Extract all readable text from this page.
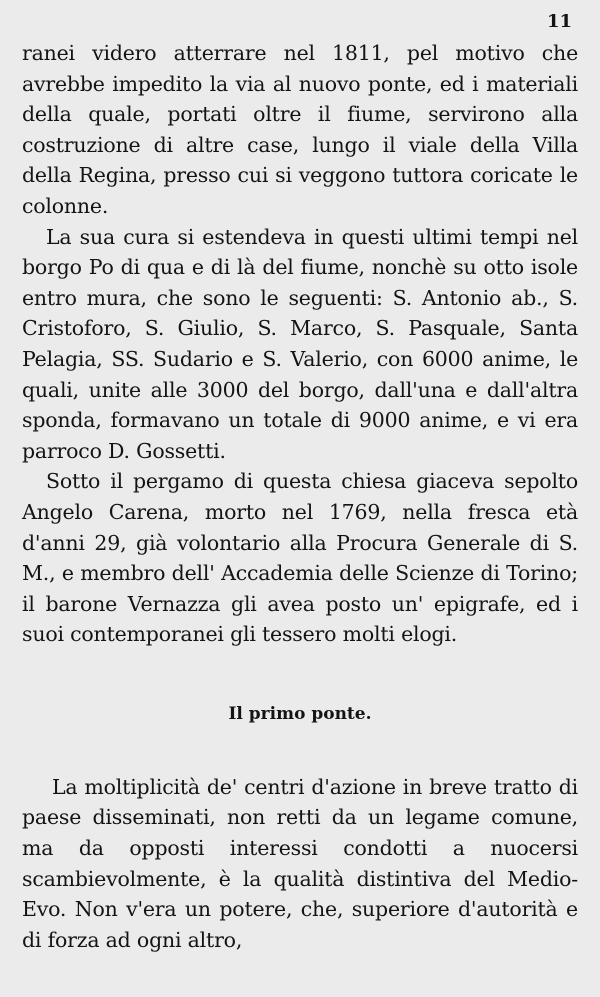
11

ranei videro atterrare nel 1811, pel motivo che avrebbe impedito la via al nuovo ponte, ed i materiali della quale, portati oltre il fiume, servirono alla costruzione di altre case, lungo il viale della Villa della Regina, presso cui si veggono tuttora coricate le colonne.

La sua cura si estendeva in questi ultimi tempi nel borgo Po di qua e di là del fiume, nonchè su otto isole entro mura, che sono le seguenti: S. Antonio ab., S. Cristoforo, S. Giulio, S. Marco, S. Pasquale, Santa Pelagia, SS. Sudario e S. Valerio, con 6000 anime, le quali, unite alle 3000 del borgo, dall'una e dall'altra sponda, formavano un totale di 9000 anime, e vi era parroco D. Gossetti.

Sotto il pergamo di questa chiesa giaceva sepolto Angelo Carena, morto nel 1769, nella fresca età d'anni 29, già volontario alla Procura Generale di S. M., e membro dell' Accademia delle Scienze di Torino; il barone Vernazza gli avea posto un' epigrafe, ed i suoi contemporanei gli tessero molti elogi.

Il primo ponte.

La moltiplicità de' centri d'azione in breve tratto di paese disseminati, non retti da un legame comune, ma da opposti interessi condotti a nuocersi scambievolmente, è la qualità distintiva del Medio-Evo. Non v'era un potere, che, superiore d'autorità e di forza ad ogni altro,
